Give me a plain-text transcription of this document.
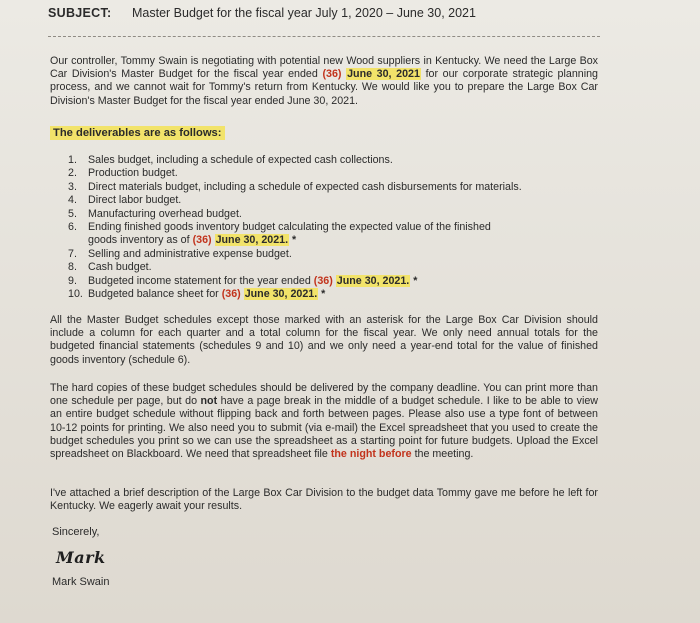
SUBJECT: Master Budget for the fiscal year July 1, 2020 – June 30, 2021
Our controller, Tommy Swain is negotiating with potential new Wood suppliers in Kentucky. We need the Large Box Car Division's Master Budget for the fiscal year ended (36) June 30, 2021 for our corporate strategic planning process, and we cannot wait for Tommy's return from Kentucky. We would like you to prepare the Large Box Car Division's Master Budget for the fiscal year ended June 30, 2021.
The deliverables are as follows:
1.	Sales budget, including a schedule of expected cash collections.
2.	Production budget.
3.	Direct materials budget, including a schedule of expected cash disbursements for materials.
4.	Direct labor budget.
5.	Manufacturing overhead budget.
6.	Ending finished goods inventory budget calculating the expected value of the finished
goods inventory as of (36) June 30, 2021. *
7.	Selling and administrative expense budget.
8.	Cash budget.
9.	Budgeted income statement for the year ended (36) June 30, 2021. *
10. Budgeted balance sheet for (36) June 30, 2021. *
All the Master Budget schedules except those marked with an asterisk for the Large Box Car Division should include a column for each quarter and a total column for the fiscal year. We only need annual totals for the budgeted financial statements (schedules 9 and 10) and we only need a year-end total for the value of finished goods inventory (schedule 6).
The hard copies of these budget schedules should be delivered by the company deadline. You can print more than one schedule per page, but do not have a page break in the middle of a budget schedule. I like to be able to view an entire budget schedule without flipping back and forth between pages. Please also use a type font of between 10-12 points for printing. We also need you to submit (via e-mail) the Excel spreadsheet that you used to create the budget schedules you print so we can use the spreadsheet as a starting point for future budgets. Upload the Excel spreadsheet on Blackboard. We need that spreadsheet file the night before the meeting.
I've attached a brief description of the Large Box Car Division to the budget data Tommy gave me before he left for Kentucky. We eagerly await your results.
Sincerely,
Mark
Mark Swain
